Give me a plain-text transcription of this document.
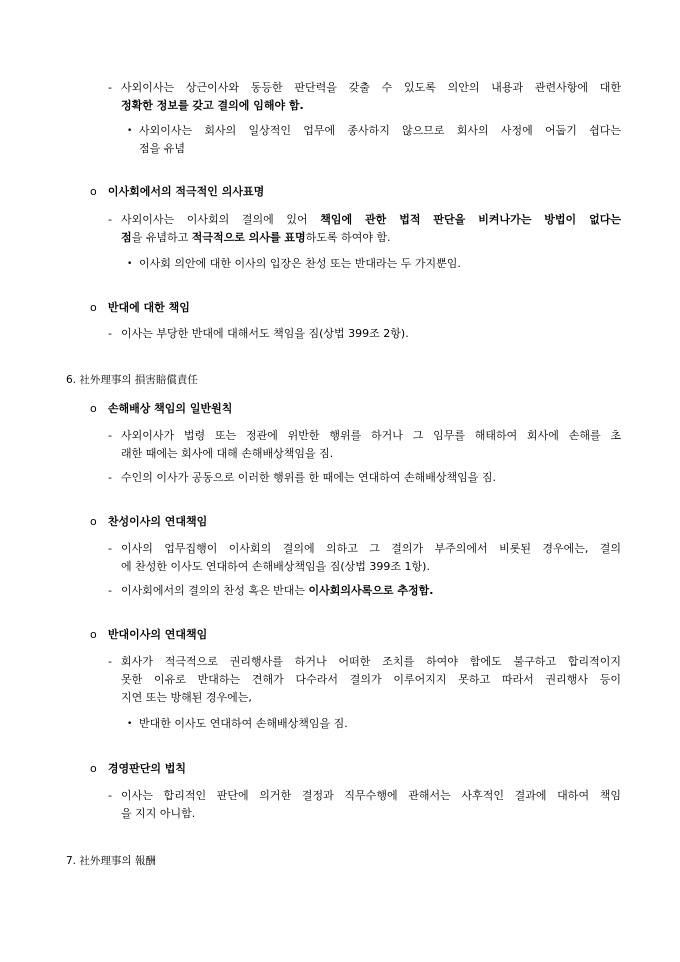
- 사외이사는 상근이사와 동등한 판단력을 갖출 수 있도록 의안의 내용과 관련사항에 대한
정확한 정보를 갖고 결의에 임해야 함.
• 사외이사는 회사의 일상적인 업무에 종사하지 않으므로 회사의 사정에 어둡기 쉽다는
점을 유념
o 이사회에서의 적극적인 의사표명
- 사외이사는 이사회의 결의에 있어 책임에 관한 법적 판단을 비켜나가는 방법이 없다는
점을 유념하고 적극적으로 의사를 표명하도록 하여야 함.
• 이사회 의안에 대한 이사의 입장은 찬성 또는 반대라는 두 가지뿐임.
o 반대에 대한 책임
- 이사는 부당한 반대에 대해서도 책임을 짐(상법 399조 2항).
6. 社外理事의 損害賠償責任
o 손해배상 책임의 일반원칙
- 사외이사가 법령 또는 정관에 위반한 행위를 하거나 그 임무를 해태하여 회사에 손해를 초
래한 때에는 회사에 대해 손해배상책임을 짐.
- 수인의 이사가 공동으로 이러한 행위를 한 때에는 연대하여 손해배상책임을 짐.
o 찬성이사의 연대책임
- 이사의 업무집행이 이사회의 결의에 의하고 그 결의가 부주의에서 비롯된 경우에는, 결의
에 찬성한 이사도 연대하여 손해배상책임을 짐(상법 399조 1항).
- 이사회에서의 결의의 찬성 혹은 반대는 이사회의사록으로 추정함.
o 반대이사의 연대책임
- 회사가 적극적으로 권리행사를 하거나 어떠한 조치를 하여야 함에도 불구하고 합리적이지
못한 이유로 반대하는 견해가 다수라서 결의가 이루어지지 못하고 따라서 권리행사 등이
지연 또는 방해된 경우에는,
• 반대한 이사도 연대하여 손해배상책임을 짐.
o 경영판단의 법칙
- 이사는 합리적인 판단에 의거한 결정과 직무수행에 관해서는 사후적인 결과에 대하여 책임
을 지지 아니함.
7. 社外理事의 報酬
